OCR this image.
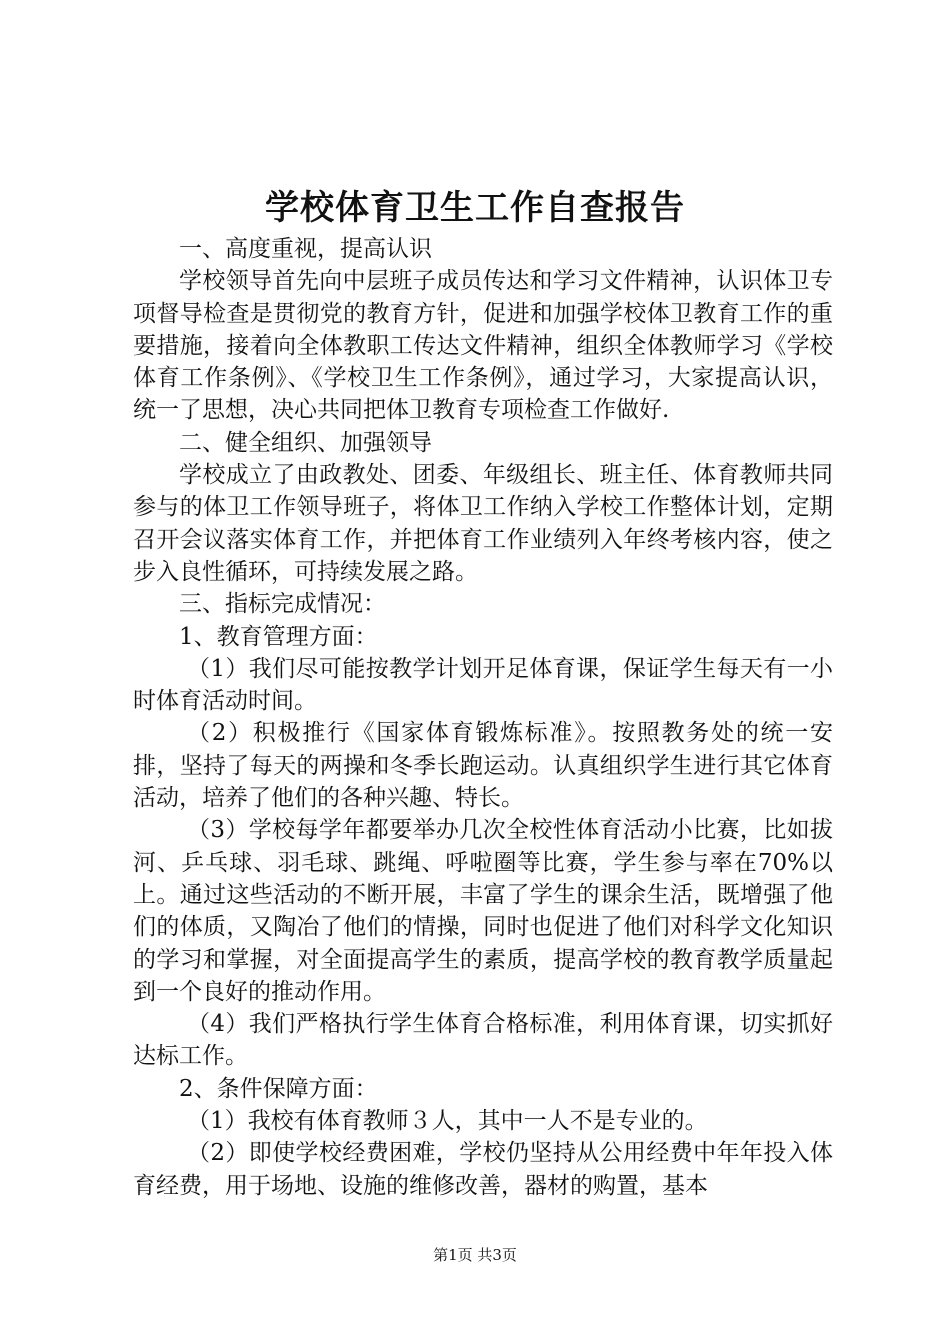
学校体育卫生工作自查报告

一、高度重视，提高认识

学校领导首先向中层班子成员传达和学习文件精神，认识体卫专项督导检查是贯彻党的教育方针，促进和加强学校体卫教育工作的重要措施，接着向全体教职工传达文件精神，组织全体教师学习《学校体育工作条例》、《学校卫生工作条例》，通过学习，大家提高认识，统一了思想，决心共同把体卫教育专项检查工作做好.

二、健全组织、加强领导

学校成立了由政教处、团委、年级组长、班主任、体育教师共同参与的体卫工作领导班子，将体卫工作纳入学校工作整体计划，定期召开会议落实体育工作，并把体育工作业绩列入年终考核内容，使之步入良性循环，可持续发展之路。

三、指标完成情况：

1、教育管理方面：

（1）我们尽可能按教学计划开足体育课，保证学生每天有一小时体育活动时间。

（2）积极推行《国家体育锻炼标准》。按照教务处的统一安排，坚持了每天的两操和冬季长跑运动。认真组织学生进行其它体育活动，培养了他们的各种兴趣、特长。

（3）学校每学年都要举办几次全校性体育活动小比赛，比如拔河、乒乓球、羽毛球、跳绳、呼啦圈等比赛，学生参与率在70%以上。通过这些活动的不断开展，丰富了学生的课余生活，既增强了他们的体质，又陶冶了他们的情操，同时也促进了他们对科学文化知识的学习和掌握，对全面提高学生的素质，提高学校的教育教学质量起到一个良好的推动作用。

（4）我们严格执行学生体育合格标准，利用体育课，切实抓好达标工作。

2、条件保障方面：

（1）我校有体育教师３人，其中一人不是专业的。

（2）即使学校经费困难，学校仍坚持从公用经费中年年投入体育经费，用于场地、设施的维修改善，器材的购置，基本

第1页 共3页
